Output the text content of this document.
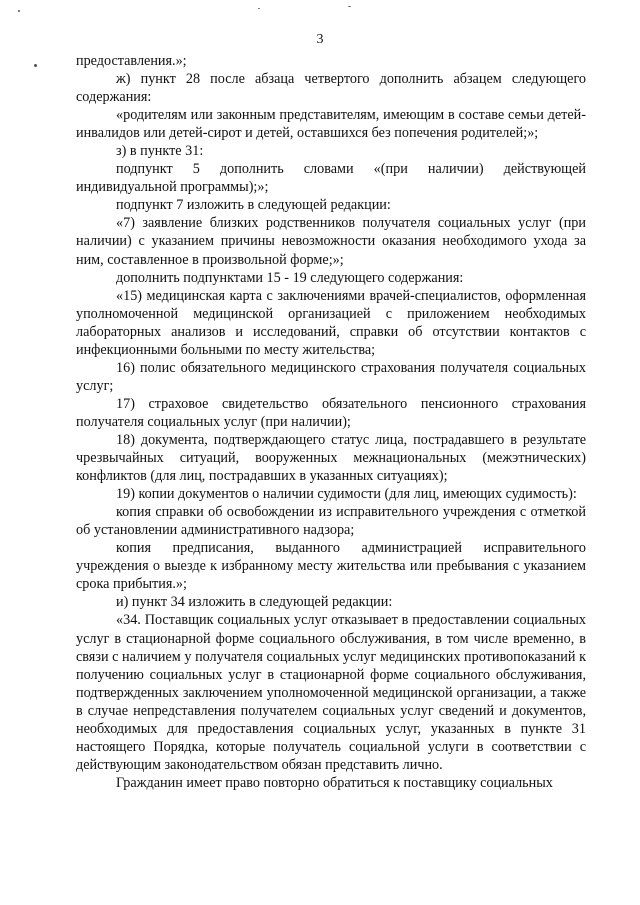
3

предоставления.»;

ж) пункт 28 после абзаца четвертого дополнить абзацем следующего содержания:

«родителям или законным представителям, имеющим в составе семьи детей-инвалидов или детей-сирот и детей, оставшихся без попечения родителей;»;

з) в пункте 31:

подпункт 5 дополнить словами «(при наличии) действующей индивидуальной программы);»;

подпункт 7 изложить в следующей редакции:

«7) заявление близких родственников получателя социальных услуг (при наличии) с указанием причины невозможности оказания необходимого ухода за ним, составленное в произвольной форме;»;

дополнить подпунктами 15 - 19 следующего содержания:

«15) медицинская карта с заключениями врачей-специалистов, оформленная уполномоченной медицинской организацией с приложением необходимых лабораторных анализов и исследований, справки об отсутствии контактов с инфекционными больными по месту жительства;

16) полис обязательного медицинского страхования получателя социальных услуг;

17) страховое свидетельство обязательного пенсионного страхования получателя социальных услуг (при наличии);

18) документа, подтверждающего статус лица, пострадавшего в результате чрезвычайных ситуаций, вооруженных межнациональных (межэтнических) конфликтов (для лиц, пострадавших в указанных ситуациях);

19) копии документов о наличии судимости (для лиц, имеющих судимость):

копия справки об освобождении из исправительного учреждения с отметкой об установлении административного надзора;

копия предписания, выданного администрацией исправительного учреждения о выезде к избранному месту жительства или пребывания с указанием срока прибытия.»;

и) пункт 34 изложить в следующей редакции:

«34. Поставщик социальных услуг отказывает в предоставлении социальных услуг в стационарной форме социального обслуживания, в том числе временно, в связи с наличием у получателя социальных услуг медицинских противопоказаний к получению социальных услуг в стационарной форме социального обслуживания, подтвержденных заключением уполномоченной медицинской организации, а также в случае непредставления получателем социальных услуг сведений и документов, необходимых для предоставления социальных услуг, указанных в пункте 31 настоящего Порядка, которые получатель социальной услуги в соответствии с действующим законодательством обязан представить лично.

Гражданин имеет право повторно обратиться к поставщику социальных
